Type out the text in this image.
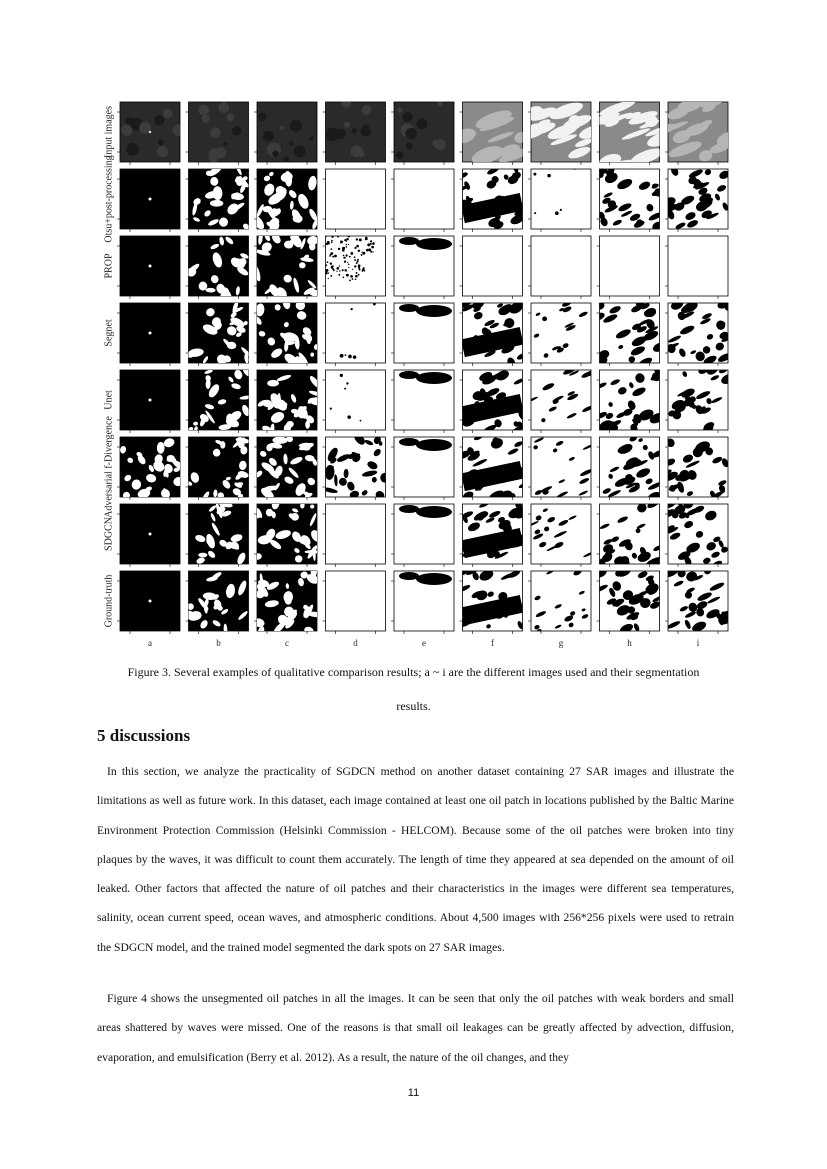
Input images
Otsu+post-processing
PROP
Segnet
Unet
Adversarial f-Divergence
SDGCN
Ground-truth
a	b	c	d	e	f	g	h	i
Figure 3. Several examples of qualitative comparison results; a ~ i are the different images used and their segmentation
results.
5 discussions

In this section, we analyze the practicality of SGDCN method on another dataset containing 27 SAR images and illustrate the limitations as well as future work. In this dataset, each image contained at least one oil patch in locations published by the Baltic Marine Environment Protection Commission (Helsinki Commission - HELCOM). Because some of the oil patches were broken into tiny plaques by the waves, it was difficult to count them accurately. The length of time they appeared at sea depended on the amount of oil leaked. Other factors that affected the nature of oil patches and their characteristics in the images were different sea temperatures, salinity, ocean current speed, ocean waves, and atmospheric conditions. About 4,500 images with 256*256 pixels were used to retrain the SDGCN model, and the trained model segmented the dark spots on 27 SAR images.

Figure 4 shows the unsegmented oil patches in all the images. It can be seen that only the oil patches with weak borders and small areas shattered by waves were missed. One of the reasons is that small oil leakages can be greatly affected by advection, diffusion, evaporation, and emulsification (Berry et al. 2012). As a result, the nature of the oil changes, and they

11
